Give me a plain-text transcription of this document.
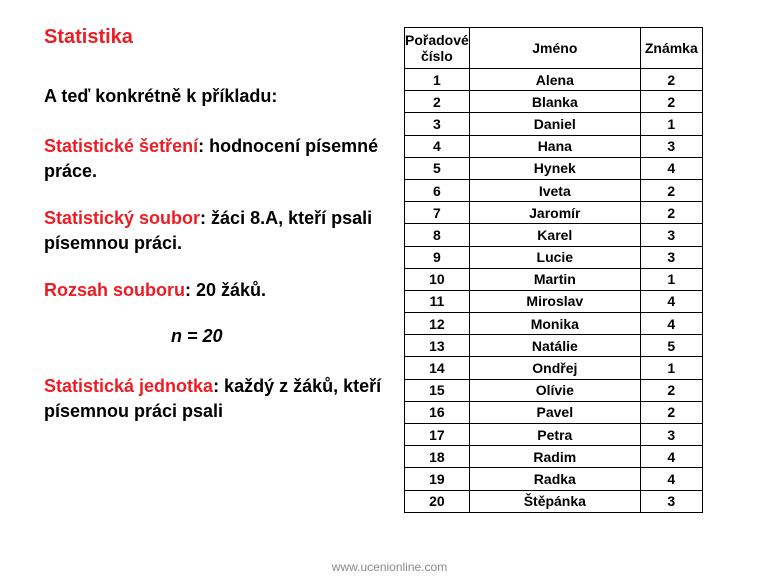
Statistika
A teď konkrétně k příkladu:
Statistické šetření: hodnocení písemné práce.
Statistický soubor: žáci 8.A, kteří psali písemnou práci.
Rozsah souboru: 20 žáků.
n = 20
Statistická jednotka: každý z žáků, kteří písemnou práci psali
Pořadové číslo	Jméno	Známka
1	Alena	2
2	Blanka	2
3	Daniel	1
4	Hana	3
5	Hynek	4
6	Iveta	2
7	Jaromír	2
8	Karel	3
9	Lucie	3
10	Martin	1
11	Miroslav	4
12	Monika	4
13	Natálie	5
14	Ondřej	1
15	Olívie	2
16	Pavel	2
17	Petra	3
18	Radim	4
19	Radka	4
20	Štěpánka	3
www.ucenionline.com
